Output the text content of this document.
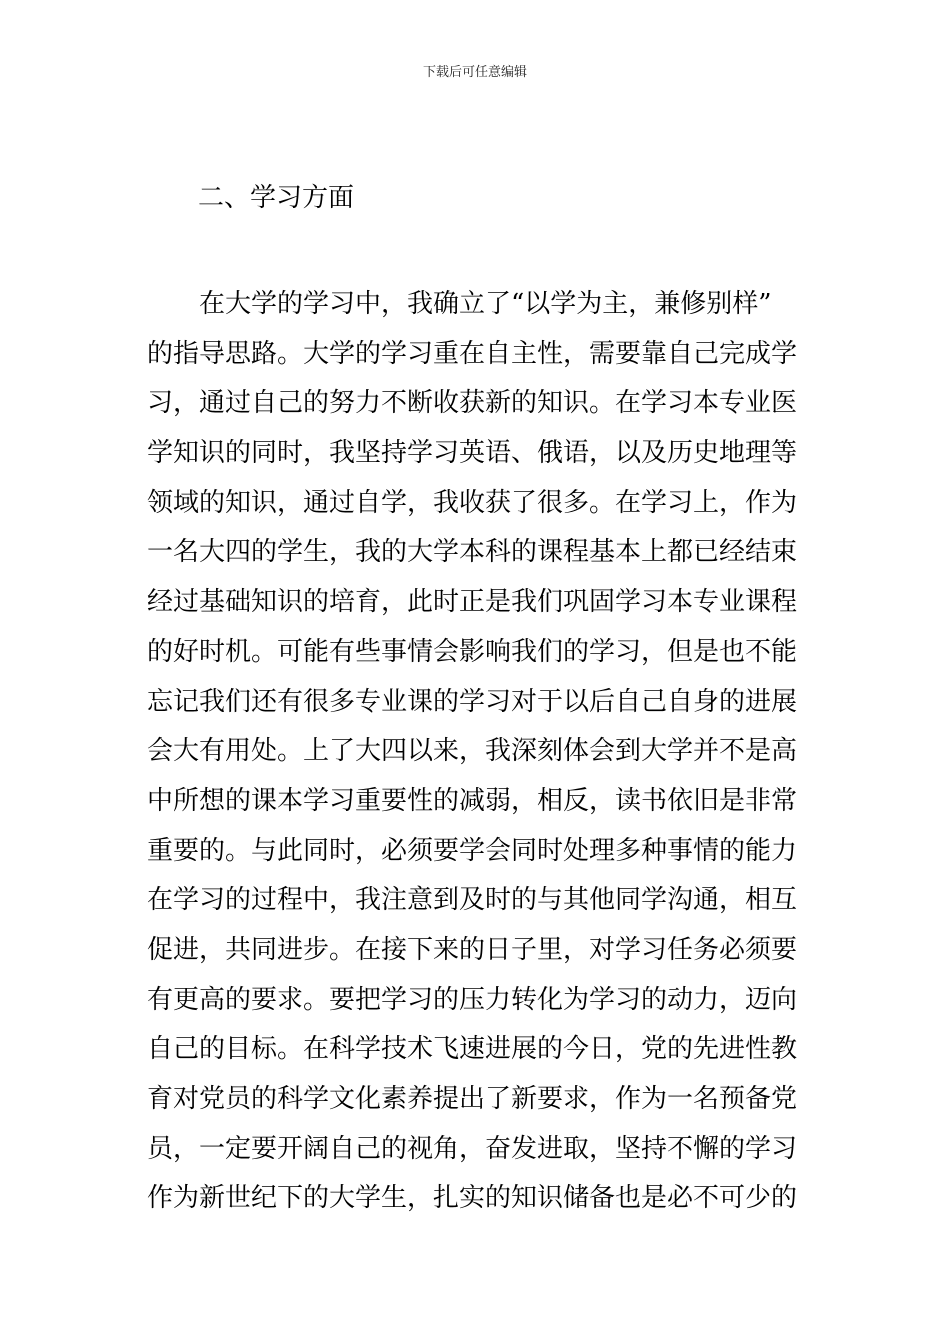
下载后可任意编辑
二、学习方面
　　在大学的学习中，我确立了“以学为主，兼修别样”
的指导思路。大学的学习重在自主性，需要靠自己完成学
习，通过自己的努力不断收获新的知识。在学习本专业医
学知识的同时，我坚持学习英语、俄语，以及历史地理等
领域的知识，通过自学，我收获了很多。在学习上，作为
一名大四的学生，我的大学本科的课程基本上都已经结束
经过基础知识的培育，此时正是我们巩固学习本专业课程
的好时机。可能有些事情会影响我们的学习，但是也不能
忘记我们还有很多专业课的学习对于以后自己自身的进展
会大有用处。上了大四以来，我深刻体会到大学并不是高
中所想的课本学习重要性的减弱，相反，读书依旧是非常
重要的。与此同时，必须要学会同时处理多种事情的能力
在学习的过程中，我注意到及时的与其他同学沟通，相互
促进，共同进步。在接下来的日子里，对学习任务必须要
有更高的要求。要把学习的压力转化为学习的动力，迈向
自己的目标。在科学技术飞速进展的今日，党的先进性教
育对党员的科学文化素养提出了新要求，作为一名预备党
员，一定要开阔自己的视角，奋发进取，坚持不懈的学习
作为新世纪下的大学生，扎实的知识储备也是必不可少的
